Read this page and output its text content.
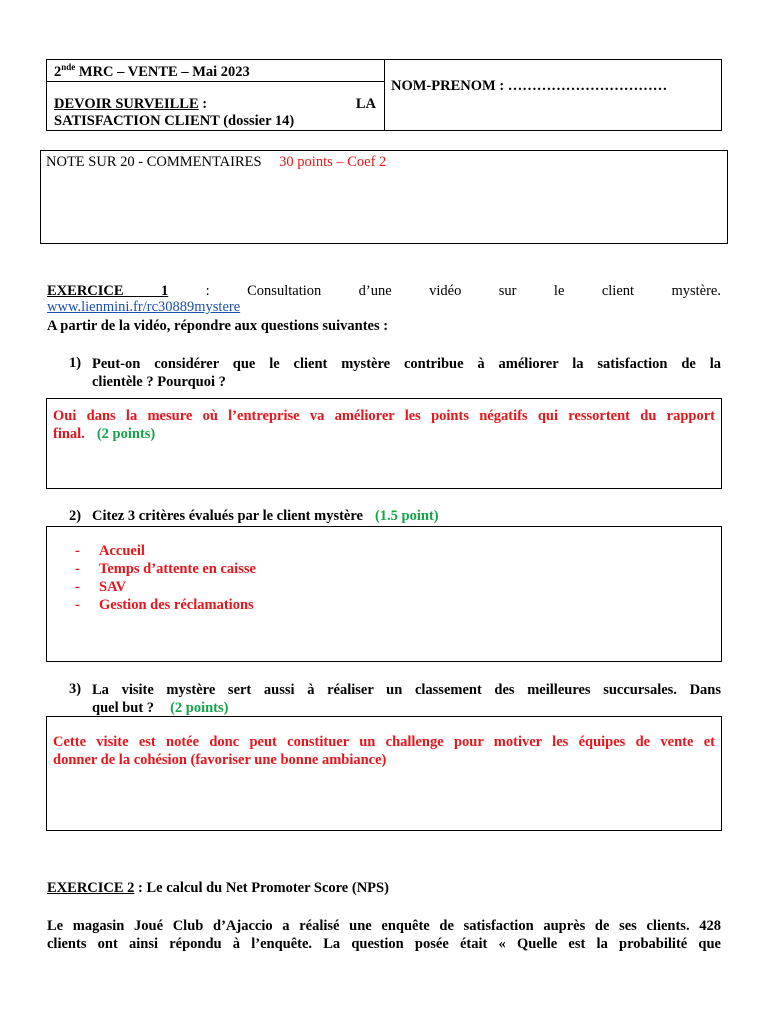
2nde MRC – VENTE – Mai 2023
DEVOIR SURVEILLE :	LA
SATISFACTION CLIENT (dossier 14)
NOM-PRENOM : ……………………………
NOTE SUR 20 - COMMENTAIRES 30 points – Coef 2
EXERCICE 1 : Consultation d’une vidéo sur le client mystère.
www.lienmini.fr/rc30889mystere
A partir de la vidéo, répondre aux questions suivantes :
1) Peut-on considérer que le client mystère contribue à améliorer la satisfaction de la
clientèle ? Pourquoi ?
Oui dans la mesure où l’entreprise va améliorer les points négatifs qui ressortent du rapport
final. (2 points)
2) Citez 3 critères évalués par le client mystère (1.5 point)
- Accueil
- Temps d’attente en caisse
- SAV
- Gestion des réclamations
3) La visite mystère sert aussi à réaliser un classement des meilleures succursales. Dans
quel but ? (2 points)
Cette visite est notée donc peut constituer un challenge pour motiver les équipes de vente et
donner de la cohésion (favoriser une bonne ambiance)
EXERCICE 2 : Le calcul du Net Promoter Score (NPS)
Le magasin Joué Club d’Ajaccio a réalisé une enquête de satisfaction auprès de ses clients. 428
clients ont ainsi répondu à l’enquête. La question posée était « Quelle est la probabilité que
